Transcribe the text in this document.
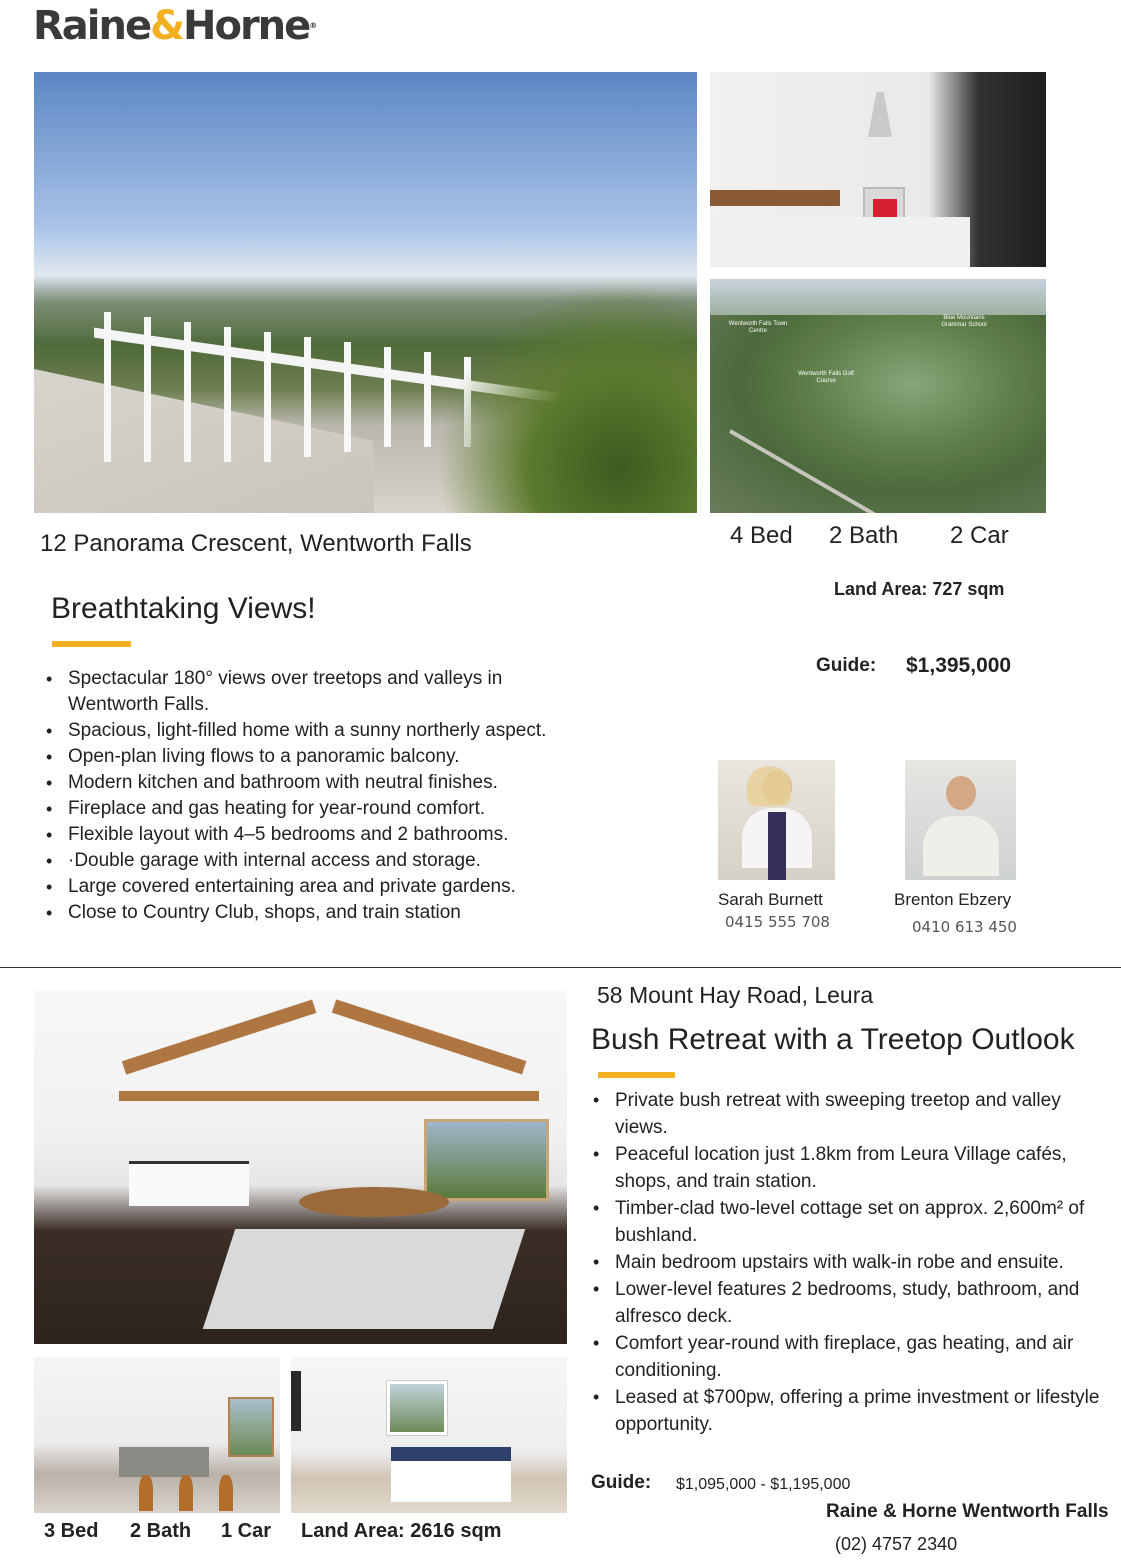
Raine&Horne®
Wentworth Falls Town Centre
Blue Mountains Grammar School
Wentworth Falls Golf Course
12 Panorama Crescent, Wentworth Falls	4 Bed 2 Bath 2 Car
Land Area: 727 sqm
Breathtaking Views!
Guide: $1,395,000
• Spectacular 180° views over treetops and valleys in Wentworth Falls.
• Spacious, light-filled home with a sunny northerly aspect.
• Open-plan living flows to a panoramic balcony.
• Modern kitchen and bathroom with neutral finishes.
• Fireplace and gas heating for year-round comfort.
• Flexible layout with 4–5 bedrooms and 2 bathrooms.
• ·Double garage with internal access and storage.
• Large covered entertaining area and private gardens.
• Close to Country Club, shops, and train station
Sarah Burnett
0415 555 708
Brenton Ebzery
0410 613 450
58 Mount Hay Road, Leura
Bush Retreat with a Treetop Outlook
• Private bush retreat with sweeping treetop and valley views.
• Peaceful location just 1.8km from Leura Village cafés, shops, and train station.
• Timber-clad two-level cottage set on approx. 2,600m² of bushland.
• Main bedroom upstairs with walk-in robe and ensuite.
• Lower-level features 2 bedrooms, study, bathroom, and alfresco deck.
• Comfort year-round with fireplace, gas heating, and air conditioning.
• Leased at $700pw, offering a prime investment or lifestyle opportunity.
Guide: $1,095,000 - $1,195,000
3 Bed 2 Bath 1 Car Land Area: 2616 sqm
Raine & Horne Wentworth Falls
(02) 4757 2340
